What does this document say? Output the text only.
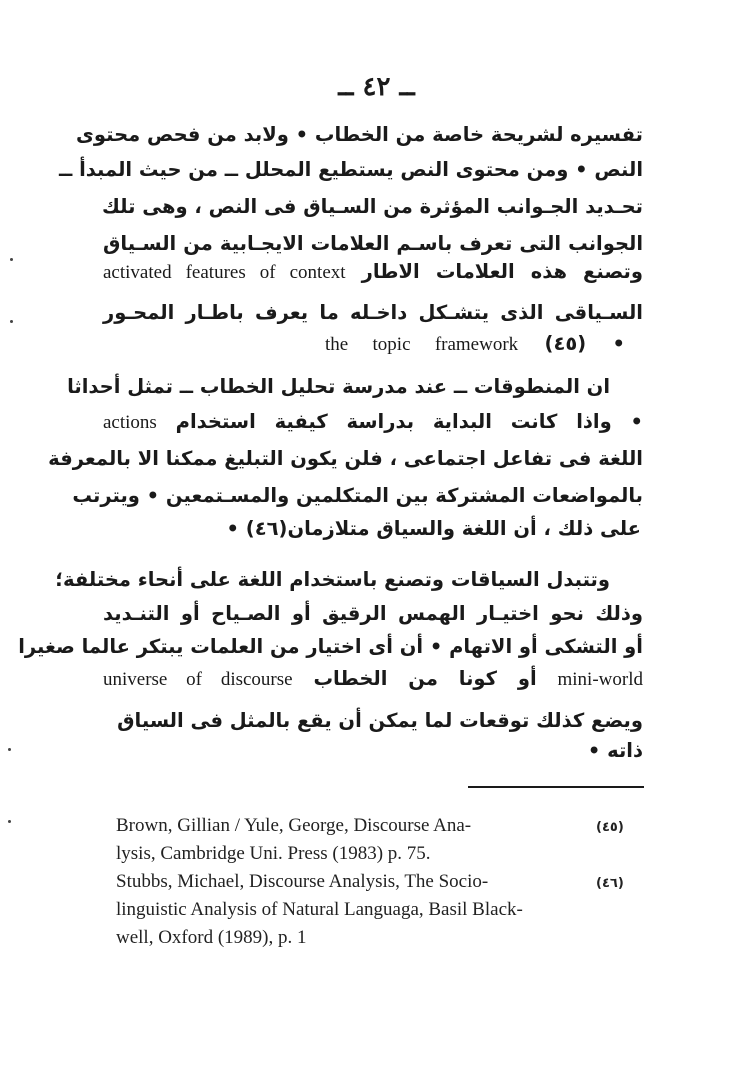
ــ ٤٢ ــ
تفسيره لشريحة خاصة من الخطاب • ولابد من فحص محتوى
النص • ومن محتوى النص يستطيع المحلل ــ من حيث المبدأ ــ
تحـديد الجـوانب المؤثرة من السـياق فى النص ، وهى تلك
الجوانب التى تعرف باسـم العلامات الايجـابية من السـياق
وتصنع هذه العلامات الاطار activated features of context
السـياقى الذى يتشـكل داخـله ما يعرف باطـار المحـور
• (٤٥) the topic framework
ان المنطوقات ــ عند مدرسة تحليل الخطاب ــ تمثل أحداثا
• واذا كانت البداية بدراسة كيفية استخدام actions
اللغة فى تفاعل اجتماعى ، فلن يكون التبليغ ممكنا الا بالمعرفة
بالمواضعات المشتركة بين المتكلمين والمسـتمعين • ويترتب
على ذلك ، أن اللغة والسياق متلازمان(٤٦) •
وتتبدل السياقات وتصنع باستخدام اللغة على أنحاء مختلفة؛
وذلك نحو اختيـار الهمس الرقيق أو الصـياح أو التنـديد
أو التشكى أو الاتهام • أن أى اختيار من العلمات يبتكر عالما صغيرا
mini-world أو كونا من الخطاب universe of discourse
ويضع كذلك توقعات لما يمكن أن يقع بالمثل فى السياق
ذاته •
Brown, Gillian / Yule, George, Discourse Ana-
lysis, Cambridge Uni. Press (1983) p. 75.
(٤٥)
Stubbs, Michael, Discourse Analysis, The Socio-
linguistic Analysis of Natural Languaga, Basil Black-
well, Oxford (1989), p. 1
(٤٦)
